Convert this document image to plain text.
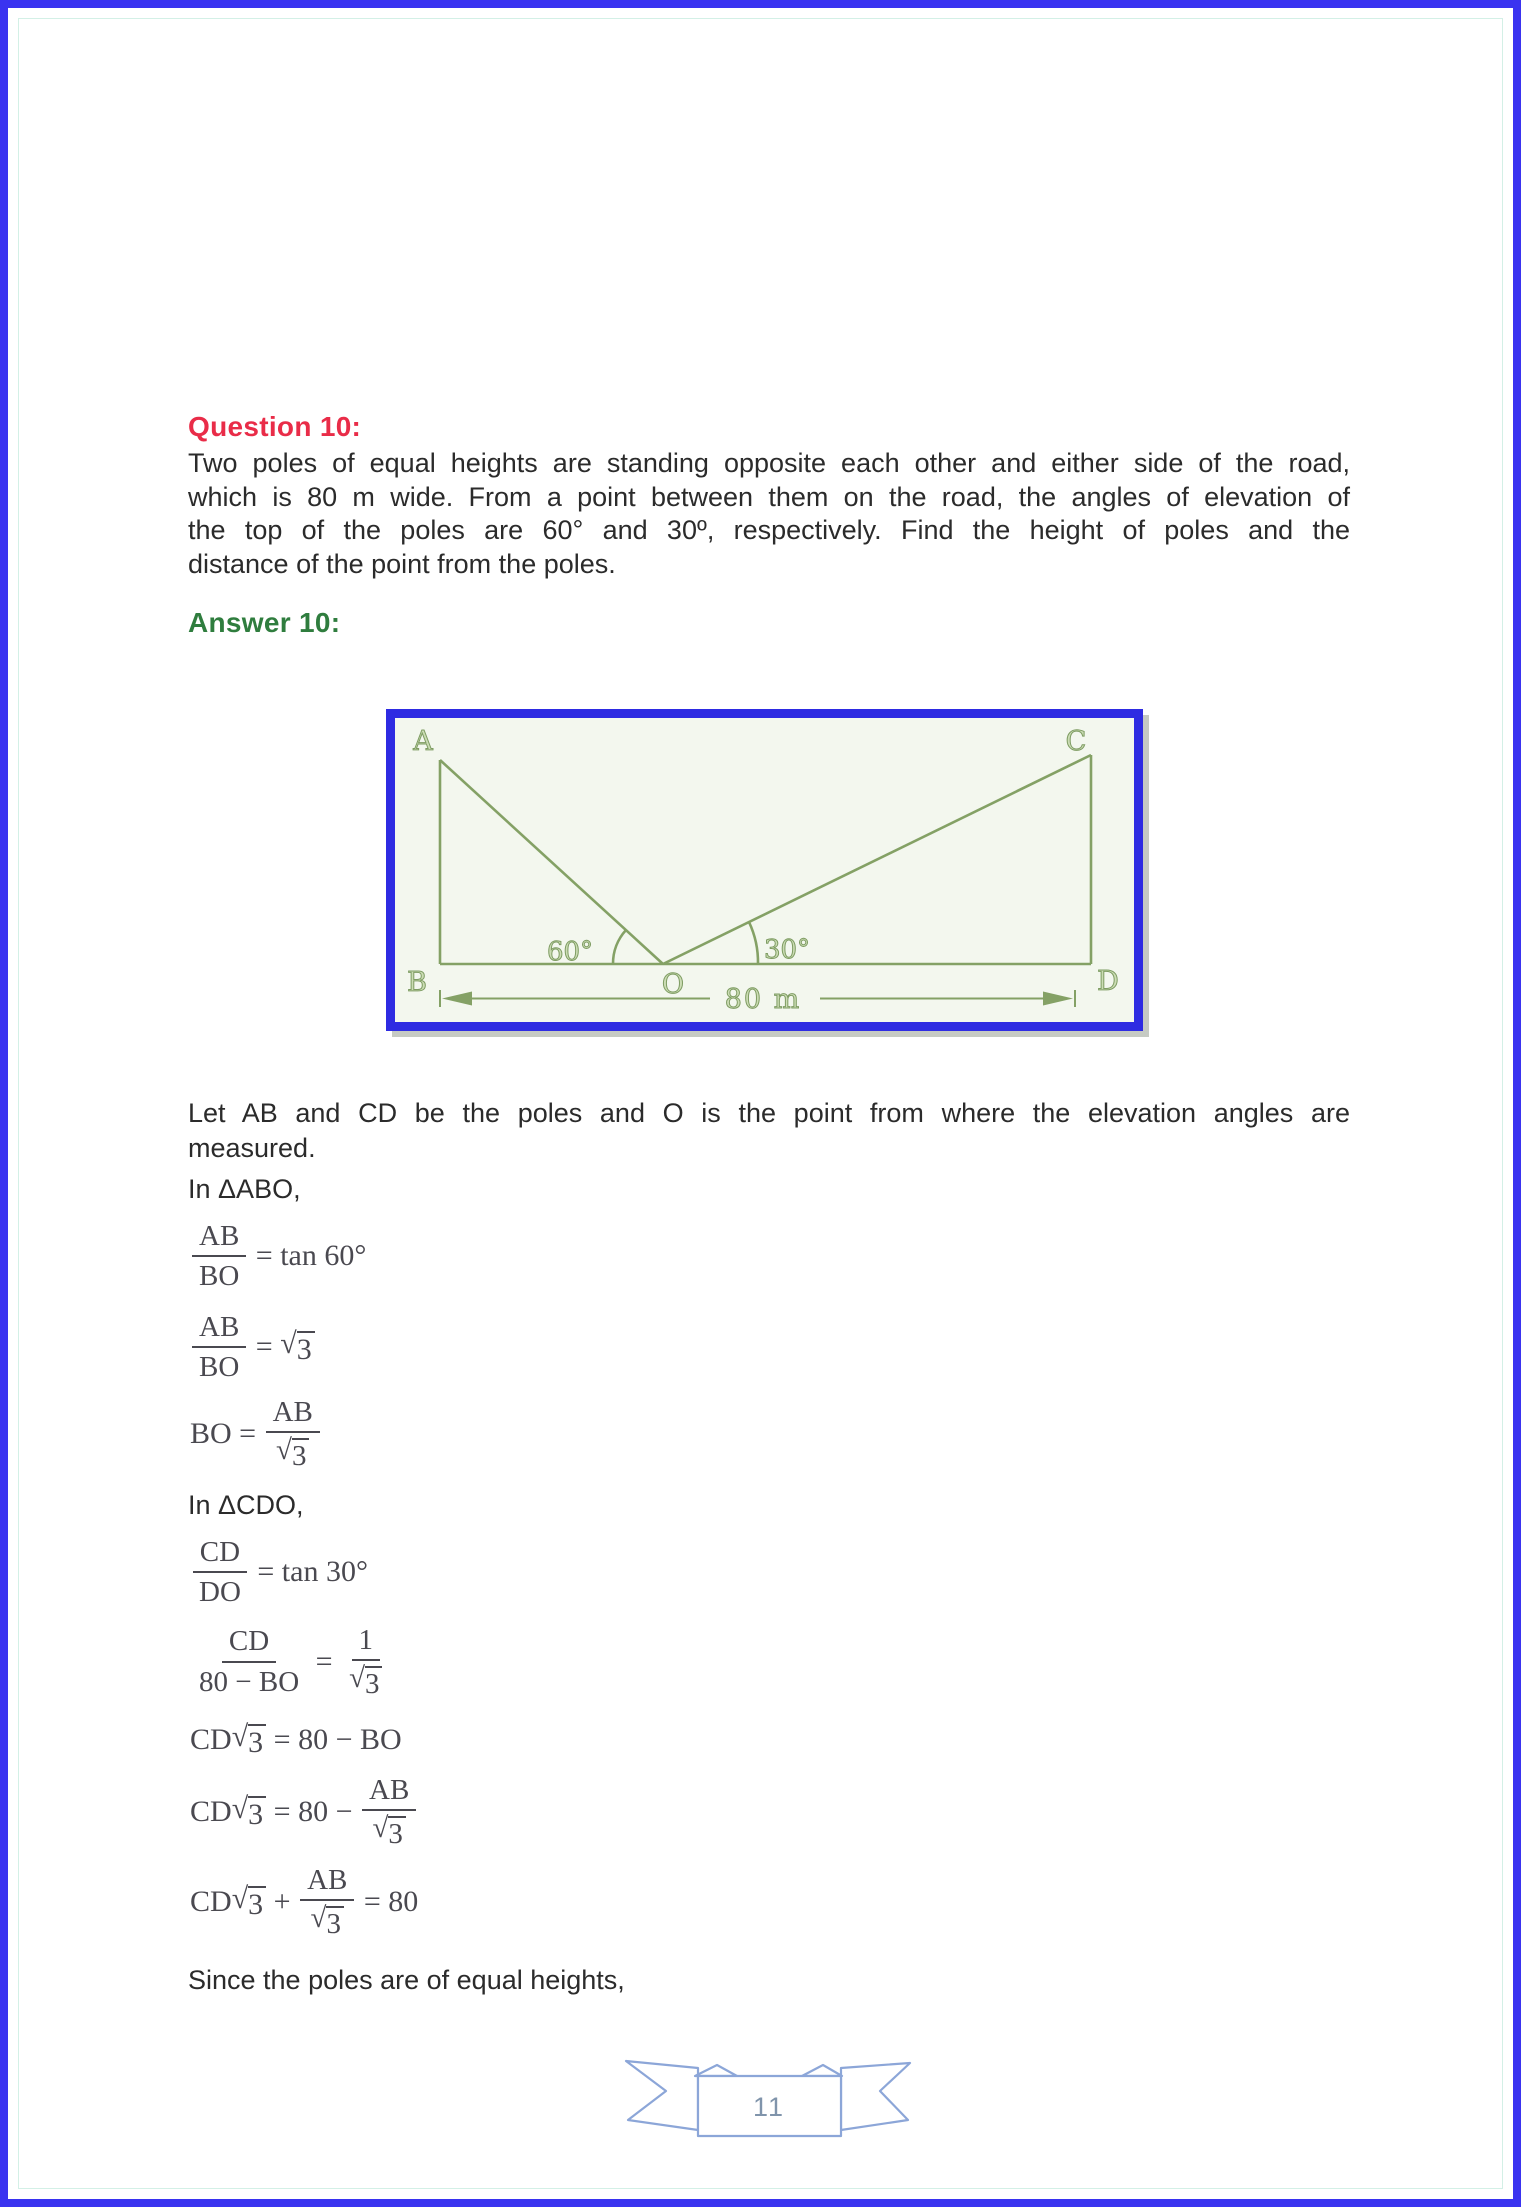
Question 10:
Two poles of equal heights are standing opposite each other and either side of the road,
which is 80 m wide. From a point between them on the road, the angles of elevation of
the top of the poles are 60° and 30º, respectively. Find the height of poles and the
distance of the point from the poles.
Answer 10:
A
B
C
D
O
60°	30°
80 m
Let AB and CD be the poles and O is the point from where the elevation angles are
measured.
In ΔABO,
$\frac{AB}{BO} = \tan 60^\circ$
$\frac{AB}{BO}$ = √ 3
BO = $\frac{AB}{√ 3}$
In ΔCDO,
$\frac{CD}{DO} = \tan 30^\circ$
$\frac{CD}{80 - BO} = \frac{1}{√ 3}$
CD √ 3 = 80 − BO
CD √ $3 = 80 - \frac{AB}{√ 3}$
CD √ $3 + \frac{AB}{√ 3} = 80$
Since the poles are of equal heights,
11
